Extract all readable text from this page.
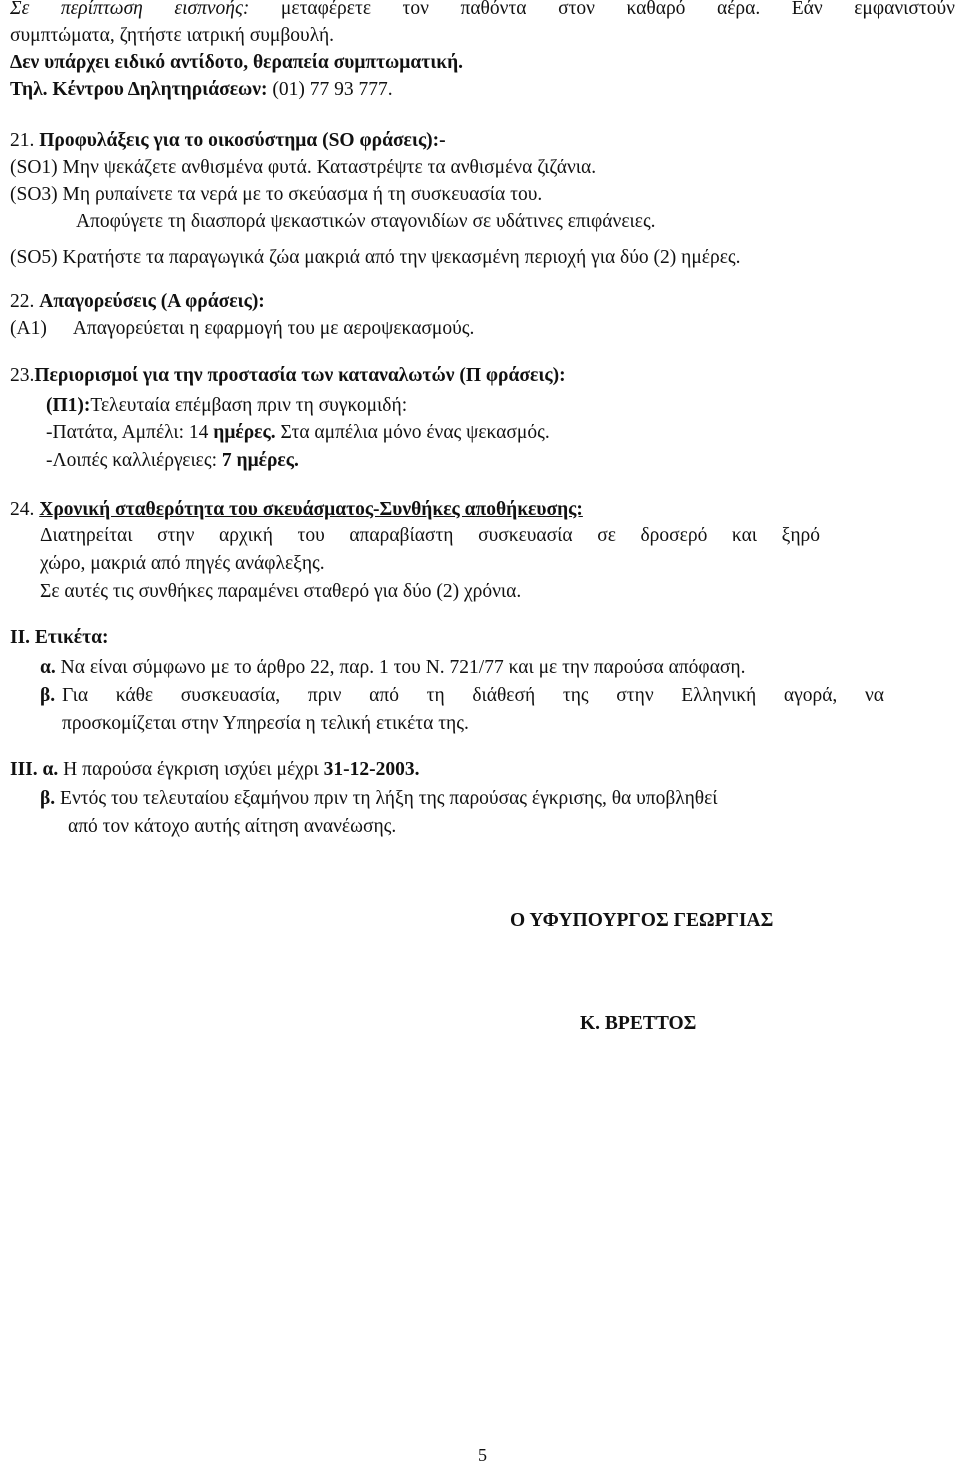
Σε περίπτωση εισπνοής: μεταφέρετε τον παθόντα στον καθαρό αέρα. Εάν εμφανιστούν
συμπτώματα, ζητήστε ιατρική συμβουλή.
Δεν υπάρχει ειδικό αντίδοτο, θεραπεία συμπτωματική.
Τηλ. Κέντρου Δηλητηριάσεων: (01) 77 93 777.
21. Προφυλάξεις για το οικοσύστημα (SO φράσεις):-
(SO1) Μην ψεκάζετε ανθισμένα φυτά. Καταστρέψτε τα ανθισμένα ζιζάνια.
(SO3) Μη ρυπαίνετε τα νερά με το σκεύασμα ή τη συσκευασία του.
Αποφύγετε τη διασπορά ψεκαστικών σταγονιδίων σε υδάτινες επιφάνειες.
(SO5) Κρατήστε τα παραγωγικά ζώα μακριά από την ψεκασμένη περιοχή για δύο (2) ημέρες.
22. Απαγορεύσεις (Α φράσεις):
(Α1) Απαγορεύεται η εφαρμογή του με αεροψεκασμούς.
23.Περιορισμοί για την προστασία των καταναλωτών (Π φράσεις):
(Π1):Τελευταία επέμβαση πριν τη συγκομιδή:
-Πατάτα, Αμπέλι: 14 ημέρες. Στα αμπέλια μόνο ένας ψεκασμός.
-Λοιπές καλλιέργειες: 7 ημέρες.
24. Χρονική σταθερότητα του σκευάσματος-Συνθήκες αποθήκευσης:
Διατηρείται στην αρχική του απαραβίαστη συσκευασία σε δροσερό και ξηρό
χώρο, μακριά από πηγές ανάφλεξης.
Σε αυτές τις συνθήκες παραμένει σταθερό για δύο (2) χρόνια.
ΙΙ. Ετικέτα:
α. Να είναι σύμφωνο με το άρθρο 22, παρ. 1 του Ν. 721/77 και με την παρούσα απόφαση.
β. Για κάθε συσκευασία, πριν από τη διάθεσή της στην Ελληνική αγορά, να
προσκομίζεται στην Υπηρεσία η τελική ετικέτα της.
ΙΙΙ. α. Η παρούσα έγκριση ισχύει μέχρι 31-12-2003.
β. Εντός του τελευταίου εξαμήνου πριν τη λήξη της παρούσας έγκρισης, θα υποβληθεί
από τον κάτοχο αυτής αίτηση ανανέωσης.
Ο ΥΦΥΠΟΥΡΓΟΣ ΓΕΩΡΓΙΑΣ
Κ. ΒΡΕΤΤΟΣ
5
